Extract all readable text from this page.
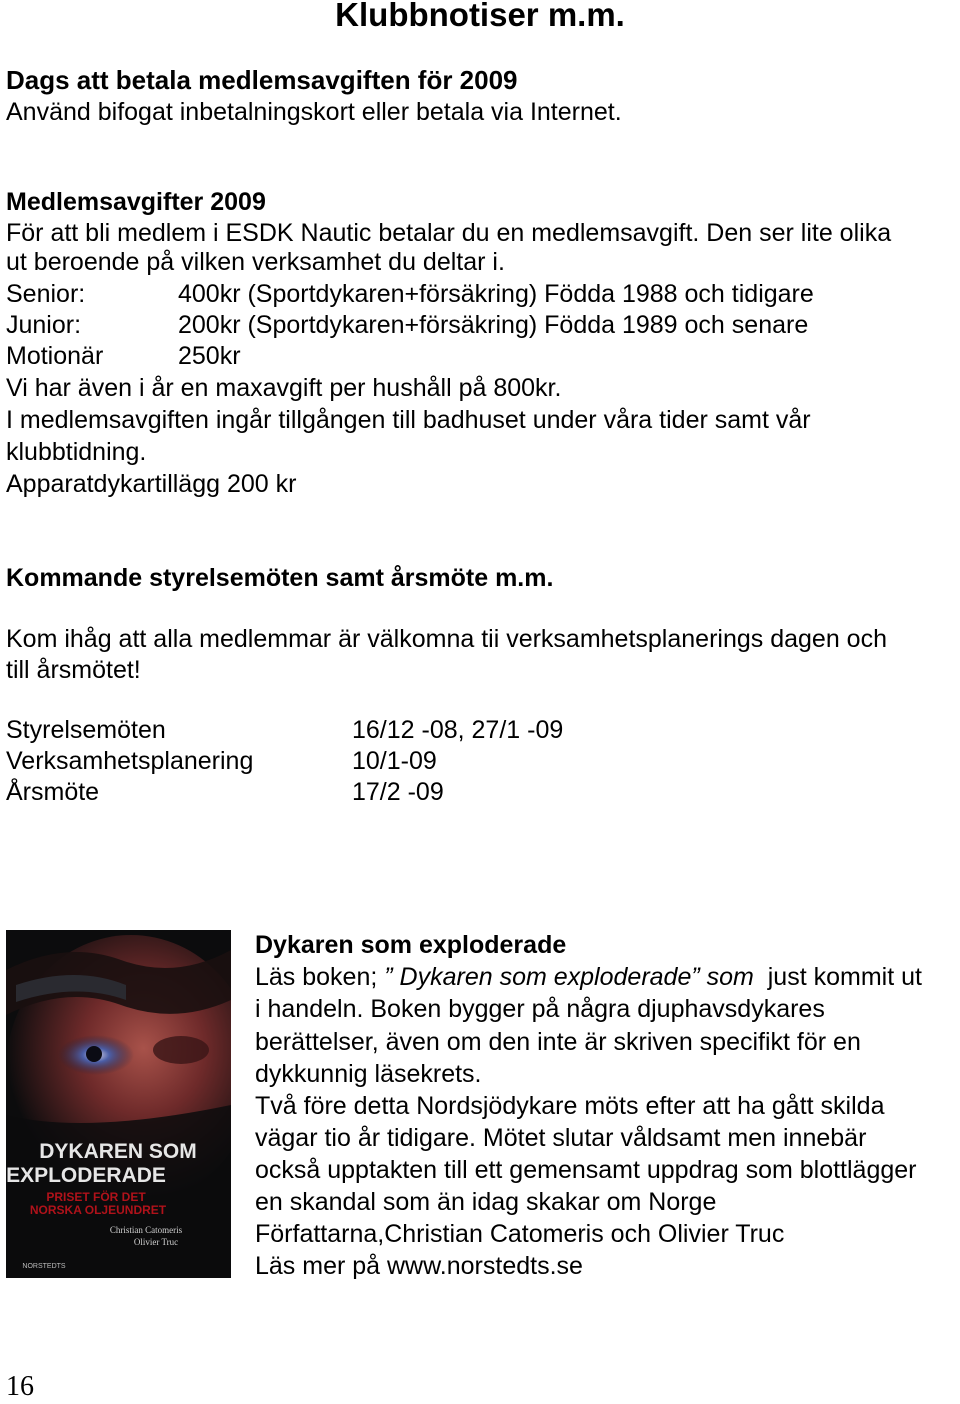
Klubbnotiser m.m.
Dags att betala medlemsavgiften för 2009
Använd bifogat inbetalningskort eller betala via Internet.
Medlemsavgifter 2009
För att bli medlem i ESDK Nautic betalar du en medlemsavgift. Den ser lite olika
ut beroende på vilken verksamhet du deltar i.
Senior:	400kr (Sportdykaren+försäkring) Födda 1988 och tidigare
Junior:	200kr (Sportdykaren+försäkring) Födda 1989 och senare
Motionär	250kr
Vi har även i år en maxavgift per hushåll på 800kr.
I medlemsavgiften ingår tillgången till badhuset under våra tider samt vår
klubbtidning.
Apparatdykartillägg 200 kr
Kommande styrelsemöten samt årsmöte m.m.
Kom ihåg att alla medlemmar är välkomna tii verksamhetsplanerings dagen och
till årsmötet!
Styrelsemöten	16/12 -08, 27/1 -09
Verksamhetsplanering	10/1-09
Årsmöte	17/2 -09
DYKAREN SOM
EXPLODERADE
PRISET FÖR DET
NORSKA OLJEUNDRET
Christian Catomeris
Olivier Truc
NORSTEDTS
Dykaren som exploderade
Läs boken; ” Dykaren som exploderade” som  just kommit ut
i handeln. Boken bygger på några djuphavsdykares
berättelser, även om den inte är skriven specifikt för en
dykkunnig läsekrets.
Två före detta Nordsjödykare möts efter att ha gått skilda
vägar tio år tidigare. Mötet slutar våldsamt men innebär
också upptakten till ett gemensamt uppdrag som blottlägger
en skandal som än idag skakar om Norge
Författarna,Christian Catomeris och Olivier Truc
Läs mer på www.norstedts.se
16
